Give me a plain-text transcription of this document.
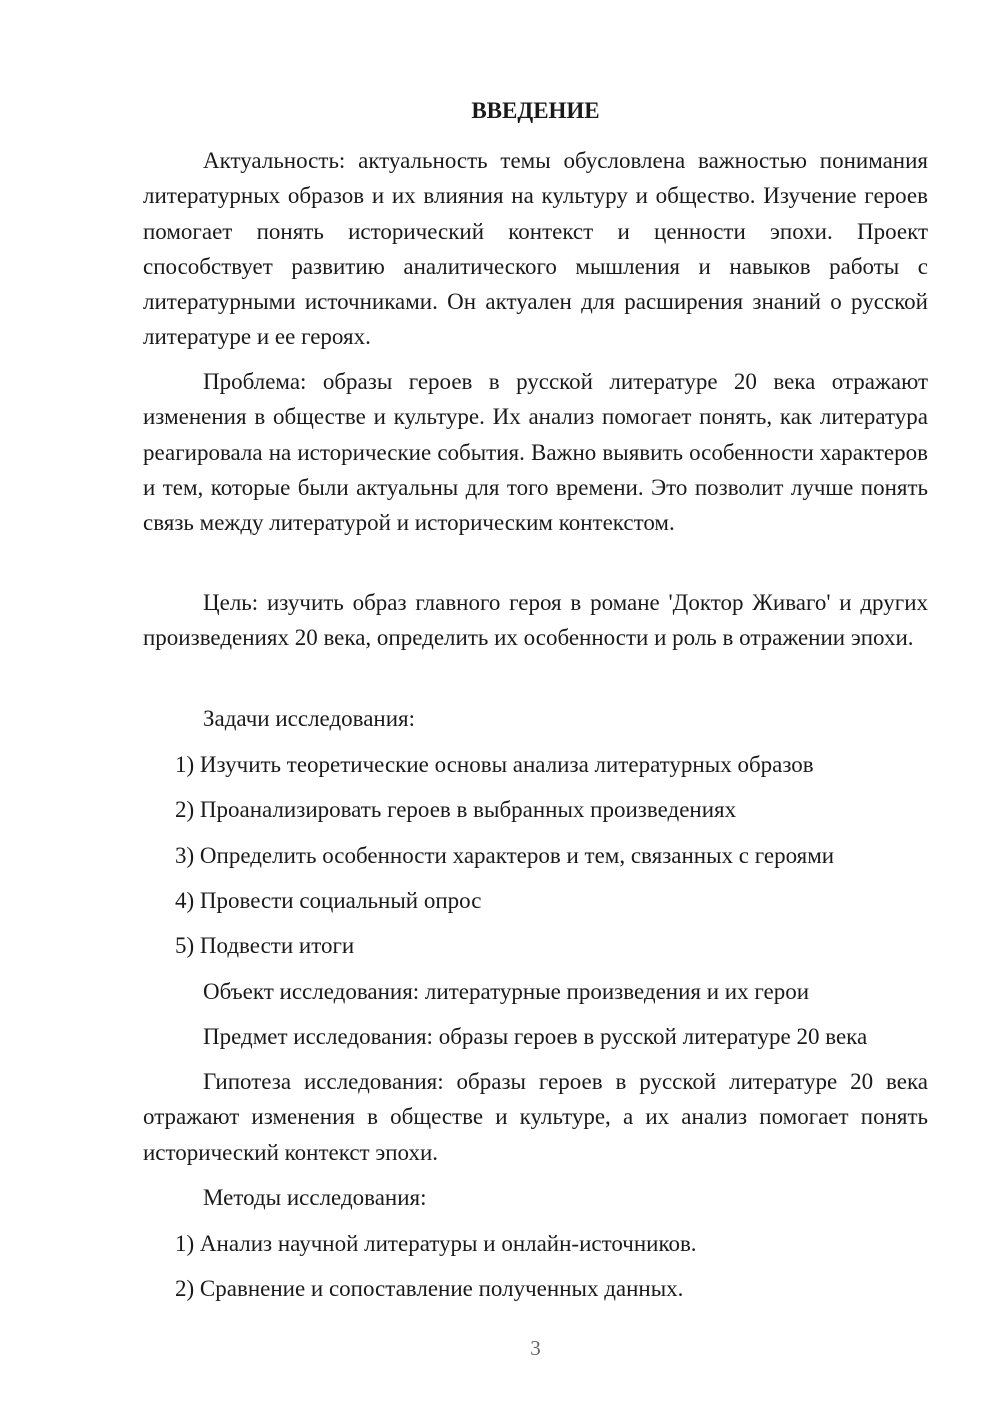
ВВЕДЕНИЕ

Актуальность: актуальность темы обусловлена важностью понимания литературных образов и их влияния на культуру и общество. Изучение героев помогает понять исторический контекст и ценности эпохи. Проект способствует развитию аналитического мышления и навыков работы с литературными источниками. Он актуален для расширения знаний о русской литературе и ее героях.

Проблема: образы героев в русской литературе 20 века отражают изменения в обществе и культуре. Их анализ помогает понять, как литература реагировала на исторические события. Важно выявить особенности характеров и тем, которые были актуальны для того времени. Это позволит лучше понять связь между литературой и историческим контекстом.

Цель: изучить образ главного героя в романе 'Доктор Живаго' и других произведениях 20 века, определить их особенности и роль в отражении эпохи.

Задачи исследования:
1) Изучить теоретические основы анализа литературных образов
2) Проанализировать героев в выбранных произведениях
3) Определить особенности характеров и тем, связанных с героями
4) Провести социальный опрос
5) Подвести итоги
Объект исследования: литературные произведения и их герои
Предмет исследования: образы героев в русской литературе 20 века

Гипотеза исследования: образы героев в русской литературе 20 века отражают изменения в обществе и культуре, а их анализ помогает понять исторический контекст эпохи.

Методы исследования:
1) Анализ научной литературы и онлайн-источников.
2) Сравнение и сопоставление полученных данных.
3
